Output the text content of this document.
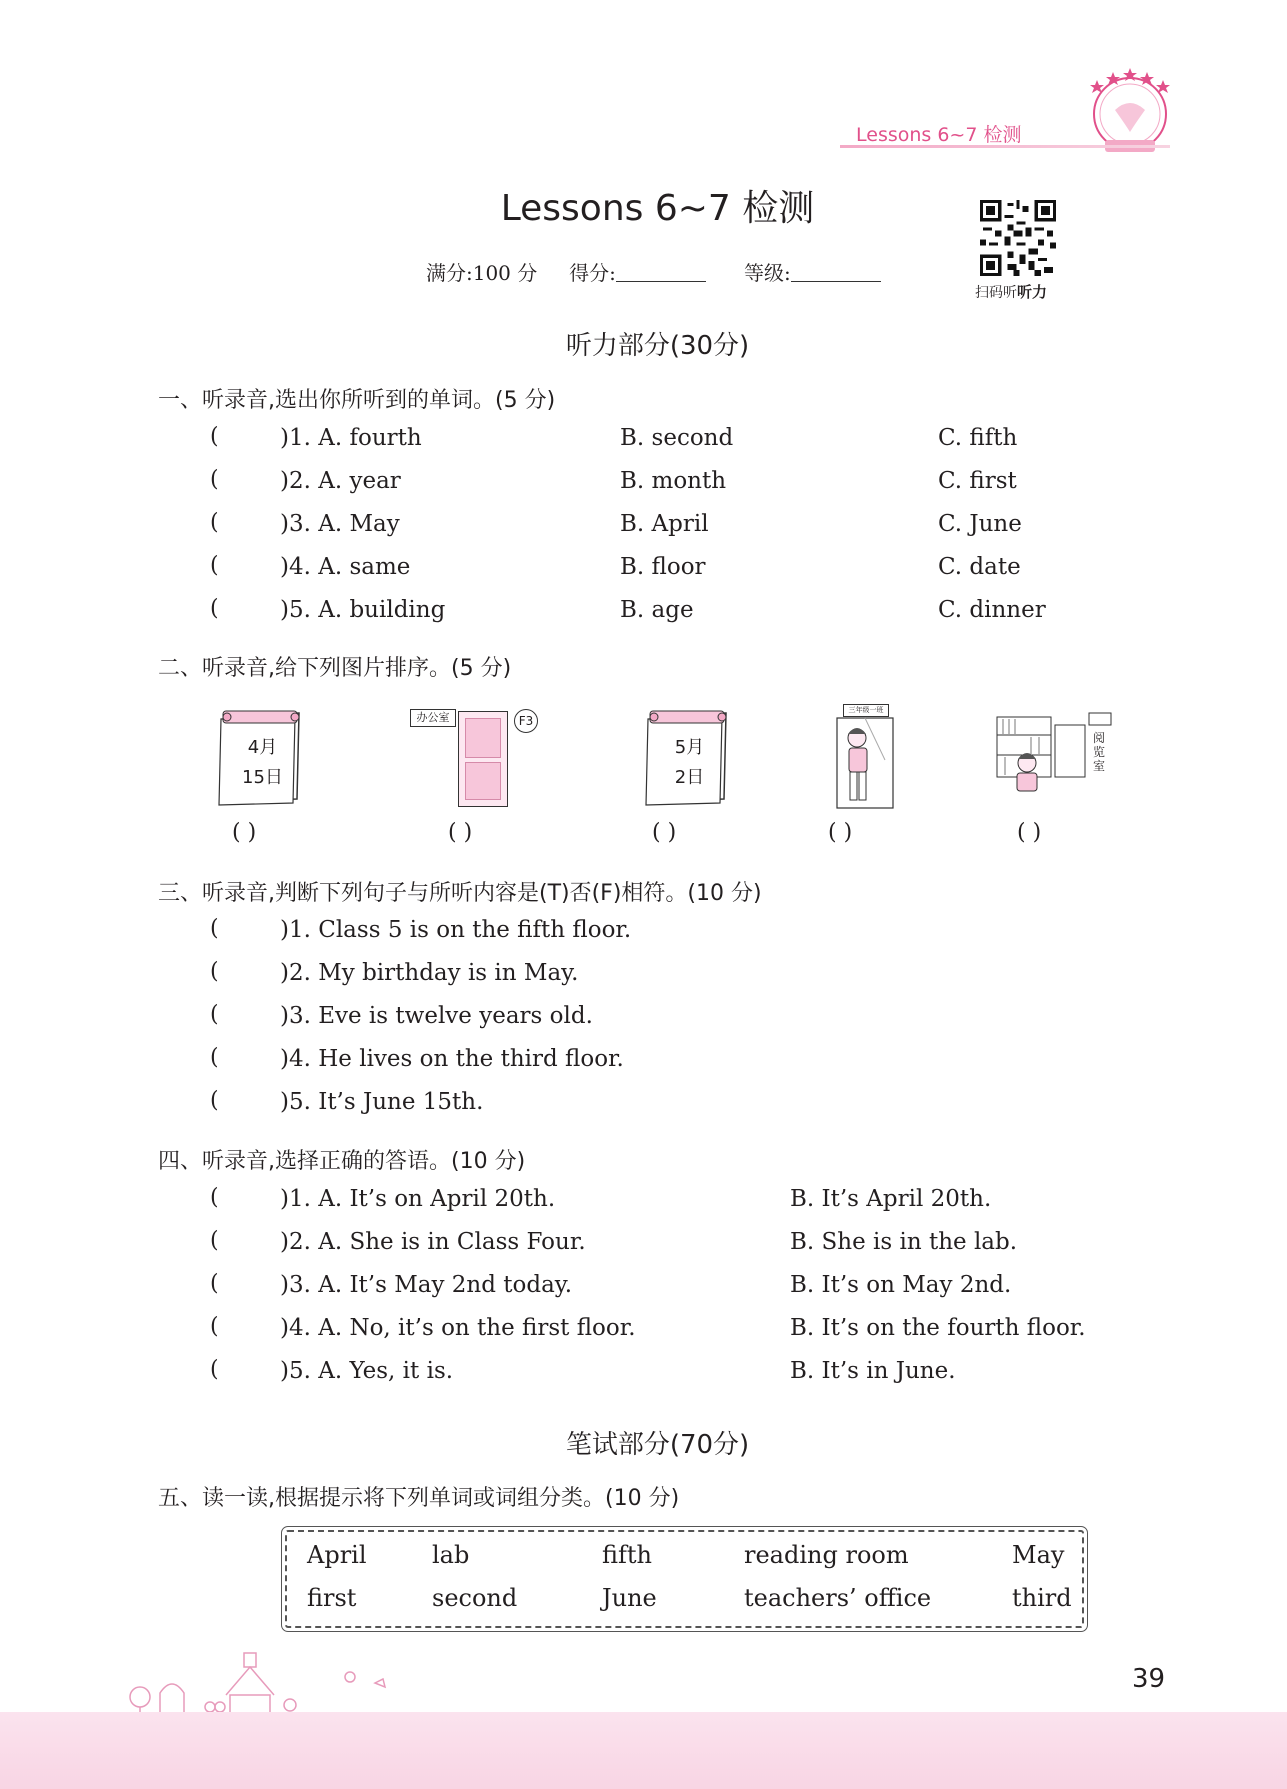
Lessons 6~7 检测
Lessons 6~7 检测
满分:100 分 得分:	等级:
扫码听听力
听力部分(30分)
一、听录音,选出你所听到的单词。(5 分)
(	)1. A. fourth	B. second	C. fifth
(	)2. A. year	B. month	C. first
(	)3. A. May	B. April	C. June
(	)4. A. same	B. floor	C. date
(	)5. A. building	B. age	C. dinner
二、听录音,给下列图片排序。(5 分)
4月
15日
办公室	F3
5月
2日
三年级一班
阅览室
( )	( )	( )	( )	( )
三、听录音,判断下列句子与所听内容是(T)否(F)相符。(10 分)
(	)1. Class 5 is on the fifth floor.
(	)2. My birthday is in May.
(	)3. Eve is twelve years old.
(	)4. He lives on the third floor.
(	)5. It’s June 15th.
四、听录音,选择正确的答语。(10 分)
(	)1. A. It’s on April 20th.	B. It’s April 20th.
(	)2. A. She is in Class Four.	B. She is in the lab.
(	)3. A. It’s May 2nd today.	B. It’s on May 2nd.
(	)4. A. No, it’s on the first floor.	B. It’s on the fourth floor.
(	)5. A. Yes, it is.	B. It’s in June.
笔试部分(70分)
五、读一读,根据提示将下列单词或词组分类。(10 分)
April	lab	fifth	reading room	May
first	second	June	teachers’ office	third
39
